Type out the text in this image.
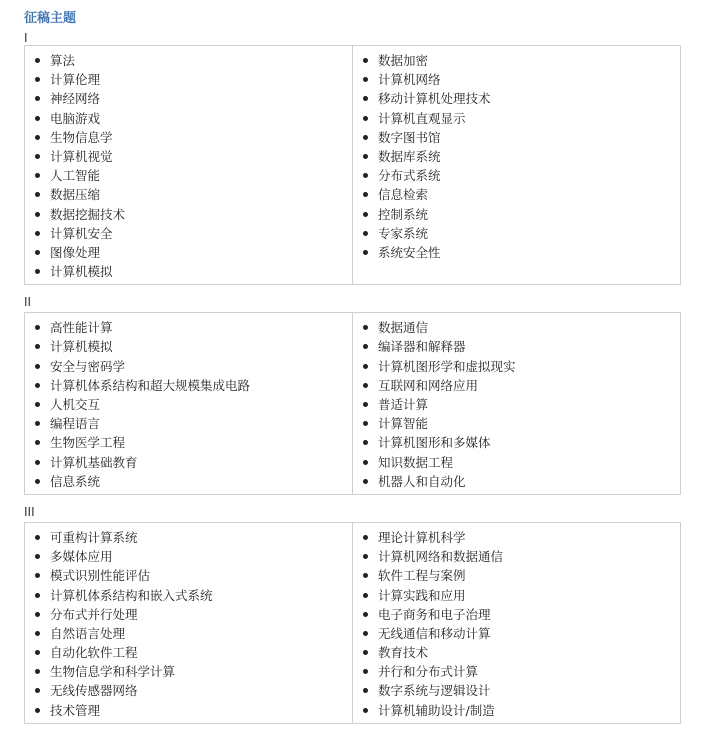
征稿主题
I
算法
计算伦理
神经网络
电脑游戏
生物信息学
计算机视觉
人工智能
数据压缩
数据挖掘技术
计算机安全
图像处理
计算机模拟

数据加密
计算机网络
移动计算机处理技术
计算机直观显示
数字图书馆
数据库系统
分布式系统
信息检索
控制系统
专家系统
系统安全性
II
高性能计算
计算机模拟
安全与密码学
计算机体系结构和超大规模集成电路
人机交互
编程语言
生物医学工程
计算机基础教育
信息系统

数据通信
编译器和解释器
计算机图形学和虚拟现实
互联网和网络应用
普适计算
计算智能
计算机图形和多媒体
知识数据工程
机器人和自动化
III
可重构计算系统
多媒体应用
模式识别性能评估
计算机体系结构和嵌入式系统
分布式并行处理
自然语言处理
自动化软件工程
生物信息学和科学计算
无线传感器网络
技术管理

理论计算机科学
计算机网络和数据通信
软件工程与案例
计算实践和应用
电子商务和电子治理
无线通信和移动计算
教育技术
并行和分布式计算
数字系统与逻辑设计
计算机辅助设计/制造
